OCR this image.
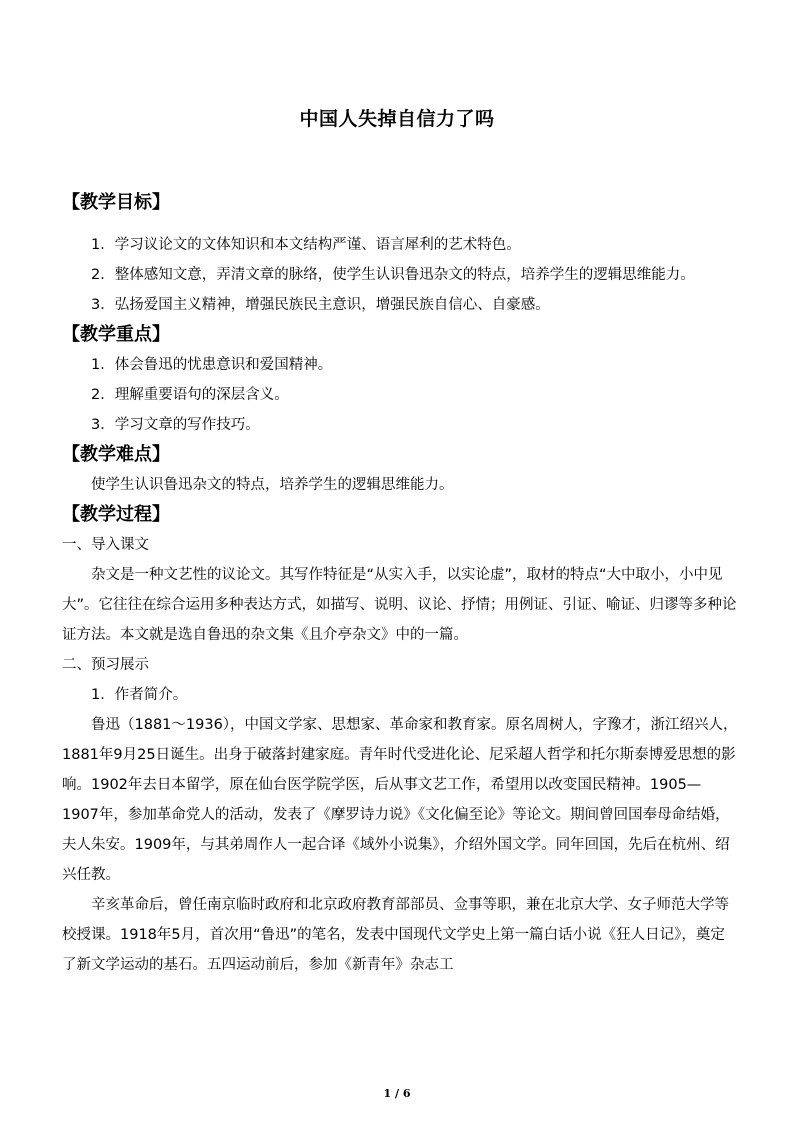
中国人失掉自信力了吗

【教学目标】

1．学习议论文的文体知识和本文结构严谨、语言犀利的艺术特色。

2．整体感知文意，弄清文章的脉络，使学生认识鲁迅杂文的特点，培养学生的逻辑思维能力。

3．弘扬爱国主义精神，增强民族民主意识，增强民族自信心、自豪感。

【教学重点】

1．体会鲁迅的忧患意识和爱国精神。

2．理解重要语句的深层含义。

3．学习文章的写作技巧。

【教学难点】

使学生认识鲁迅杂文的特点，培养学生的逻辑思维能力。

【教学过程】

一、导入课文

杂文是一种文艺性的议论文。其写作特征是“从实入手，以实论虚”，取材的特点“大中取小，小中见大”。它往往在综合运用多种表达方式，如描写、说明、议论、抒情；用例证、引证、喻证、归谬等多种论证方法。本文就是选自鲁迅的杂文集《且介亭杂文》中的一篇。

二、预习展示

1．作者简介。

鲁迅（1881～1936），中国文学家、思想家、革命家和教育家。原名周树人，字豫才，浙江绍兴人，1881年9月25日诞生。出身于破落封建家庭。青年时代受进化论、尼采超人哲学和托尔斯泰博爱思想的影响。1902年去日本留学，原在仙台医学院学医，后从事文艺工作，希望用以改变国民精神。1905—1907年，参加革命党人的活动，发表了《摩罗诗力说》《文化偏至论》等论文。期间曾回国奉母命结婚，夫人朱安。1909年，与其弟周作人一起合译《域外小说集》，介绍外国文学。同年回国，先后在杭州、绍兴任教。

辛亥革命后，曾任南京临时政府和北京政府教育部部员、佥事等职，兼在北京大学、女子师范大学等校授课。1918年5月，首次用“鲁迅”的笔名，发表中国现代文学史上第一篇白话小说《狂人日记》，奠定了新文学运动的基石。五四运动前后，参加《新青年》杂志工

1 / 6
